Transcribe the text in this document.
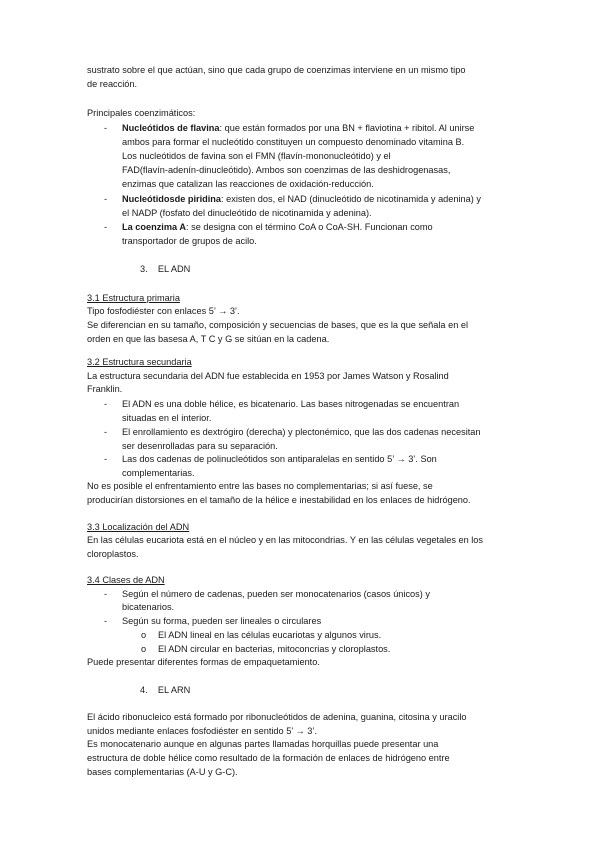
sustrato sobre el que actúan, sino que cada grupo de coenzimas interviene en un mismo tipo
de reacción.
Principales coenzimáticos:
- Nucleótidos de flavina: que están formados por una BN + flaviotina + ribitol. Al unirse
ambos para formar el nucleótido constituyen un compuesto denominado vitamina B.
Los nucleótidos de favina son el FMN (flavín-mononucleótido) y el
FAD(flavín-adenín-dinucleótido). Ambos son coenzimas de las deshidrogenasas,
enzimas que catalizan las reacciones de oxidación-reducción.
- Nucleótidosde piridina: existen dos, el NAD (dinucleótido de nicotinamida y adenina) y
el NADP (fosfato del dinucleótido de nicotinamida y adenina).
- La coenzima A: se designa con el término CoA o CoA-SH. Funcionan como
transportador de grupos de acilo.
3.    EL ADN
3.1 Estructura primaria
Tipo fosfodiéster con enlaces 5’ → 3’.
Se diferencian en su tamaño, composición y secuencias de bases, que es la que señala en el
orden en que las basesa A, T C y G se sitúan en la cadena.
3.2 Estructura secundaria
La estructura secundaria del ADN fue establecida en 1953 por James Watson y Rosalind
Franklin.
- El ADN es una doble hélice, es bicatenario. Las bases nitrogenadas se encuentran
situadas en el interior.
- El enrollamiento es dextrógiro (derecha) y plectonémico, que las dos cadenas necesitan
ser desenrolladas para su separación.
- Las dos cadenas de polinucleótidos son antiparalelas en sentido 5’ → 3’. Son
complementarias.
No es posible el enfrentamiento entre las bases no complementarias; si así fuese, se
producirían distorsiones en el tamaño de la hélice e inestabilidad en los enlaces de hidrógeno.
3.3 Localización del ADN
En las células eucariota está en el núcleo y en las mitocondrias. Y en las células vegetales en los
cloroplastos.
3.4 Clases de ADN
- Según el número de cadenas, pueden ser monocatenarios (casos únicos) y
bicatenarios.
- Según su forma, pueden ser lineales o circulares
o El ADN lineal en las células eucariotas y algunos virus.
o El ADN circular en bacterias, mitoconcrias y cloroplastos.
Puede presentar diferentes formas de empaquetamiento.
4.    EL ARN
El ácido ribonucleico está formado por ribonucleótidos de adenina, guanina, citosina y uracilo
unidos mediante enlaces fosfodiéster en sentido 5’ → 3’.
Es monocatenario aunque en algunas partes llamadas horquillas puede presentar una
estructura de doble hélice como resultado de la formación de enlaces de hidrógeno entre
bases complementarias (A-U y G-C).
